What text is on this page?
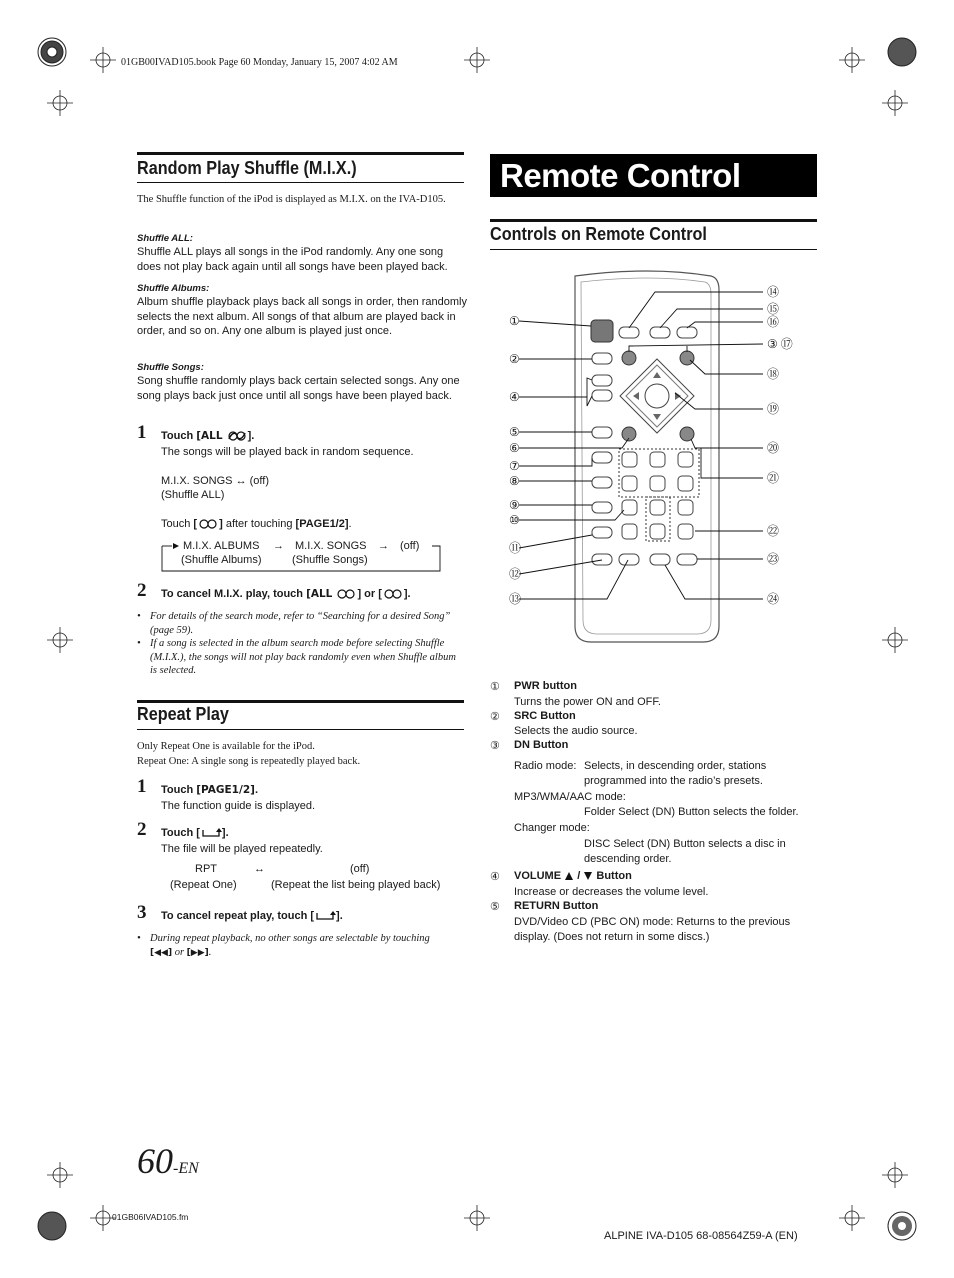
01GB00IVAD105.book Page 60 Monday, January 15, 2007 4:02 AM
Random Play Shuffle (M.I.X.)
The Shuffle function of the iPod is displayed as M.I.X. on the IVA-D105.
Shuffle ALL:
Shuffle ALL plays all songs in the iPod randomly. Any one song does not play back again until all songs have been played back.
Shuffle Albums:
Album shuffle playback plays back all songs in order, then randomly selects the next album. All songs of that album are played back in order, and so on. Any one album is played just once.
Shuffle Songs:
Song shuffle randomly plays back certain selected songs. Any one song plays back just once until all songs have been played back.
1 Touch [ALL ].
The songs will be played back in random sequence.
M.I.X. SONGS ↔ (off)
(Shuffle ALL)
Touch [ ] after touching [PAGE1/2].
M.I.X. ALBUMS → M.I.X. SONGS → (off)
(Shuffle Albums)	(Shuffle Songs)
2 To cancel M.I.X. play, touch [ALL ] or [ ].
• For details of the search mode, refer to “Searching for a desired Song” (page 59).
• If a song is selected in the album search mode before selecting Shuffle (M.I.X.), the songs will not play back randomly even when Shuffle album is selected.
Repeat Play
Only Repeat One is available for the iPod.
Repeat One: A single song is repeatedly played back.
1 Touch [PAGE1/2].
The function guide is displayed.
2 Touch [ ].
The file will be played repeatedly.
RPT	↔	(off)
(Repeat One)	(Repeat the list being played back)
3 To cancel repeat play, touch [ ].
• During repeat playback, no other songs are selectable by touching
[◀◀] or [▶▶].
Remote Control
Controls on Remote Control
①
②
③ ⑰
④
⑤
⑥
⑦
⑧
⑨
⑩
⑪
⑫
⑬
⑭
⑮
⑯
⑱
⑲
⑳
㉑
㉒
㉓
㉔
① PWR button
Turns the power ON and OFF.
② SRC Button
Selects the audio source.
③ DN Button
Radio mode: Selects, in descending order, stations programmed into the radio’s presets.
MP3/WMA/AAC mode:
Folder Select (DN) Button selects the folder.
Changer mode:
DISC Select (DN) Button selects a disc in descending order.
④ VOLUME / Button
Increase or decreases the volume level.
⑤ RETURN Button
DVD/Video CD (PBC ON) mode: Returns to the previous display. (Does not return in some discs.)
60-EN
01GB06IVAD105.fm
ALPINE IVA-D105 68-08564Z59-A (EN)
